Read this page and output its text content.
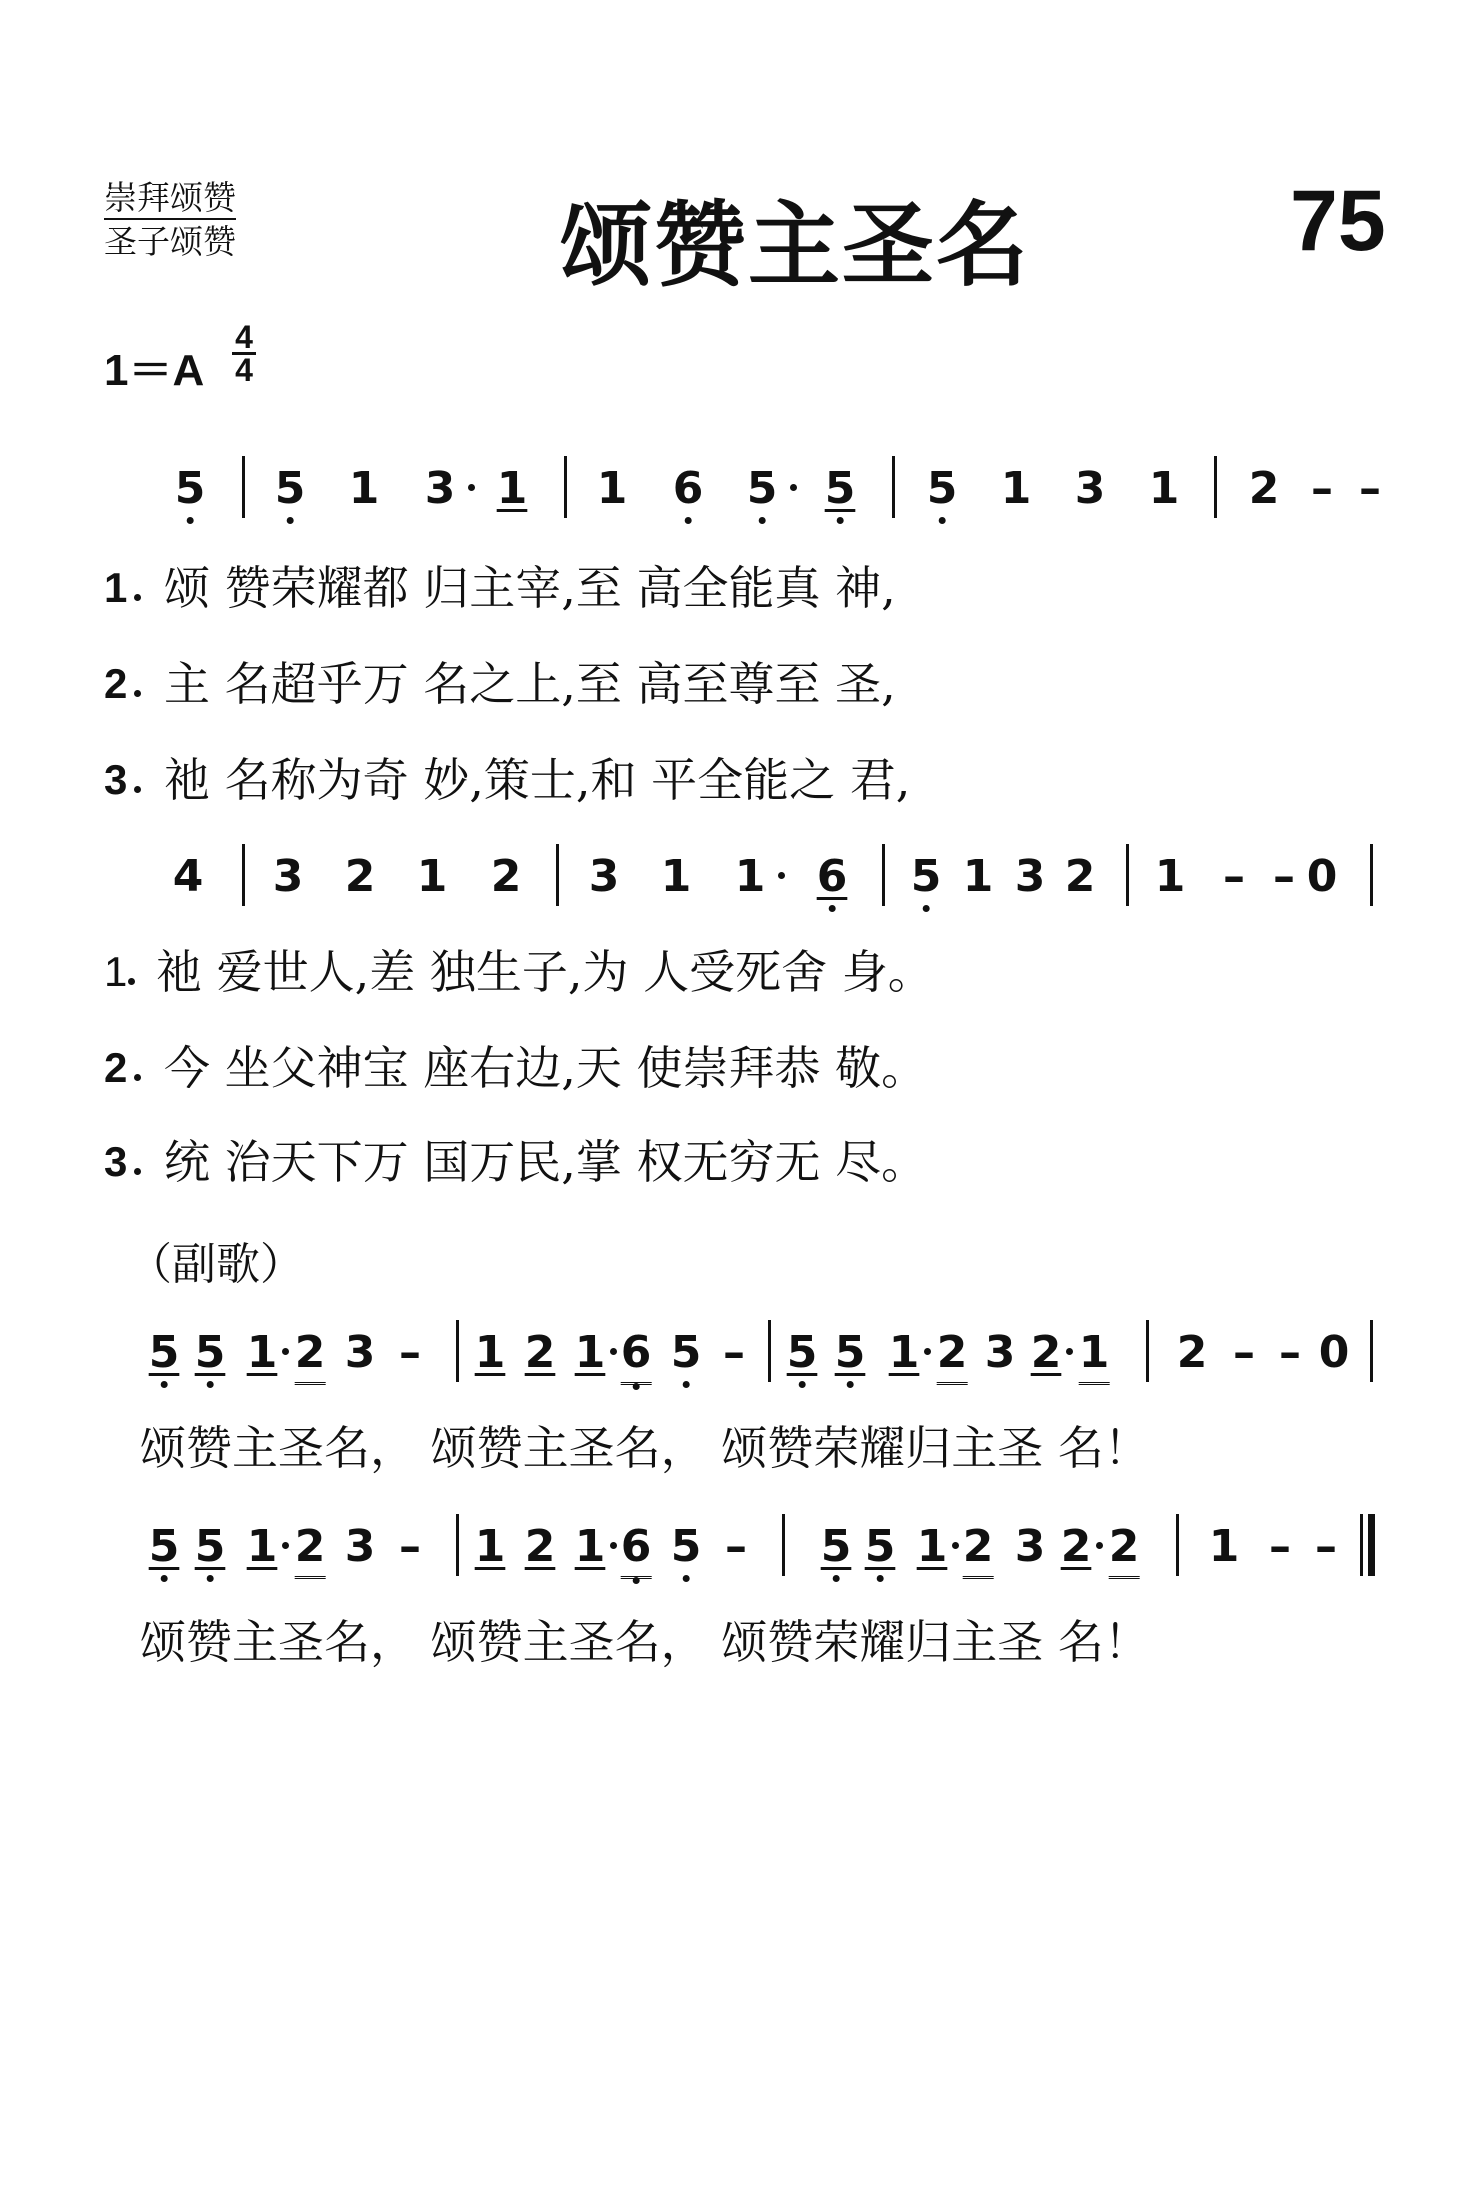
崇拜颂赞
圣子颂赞	颂赞主圣名	75
1＝A
4
4
5 5 1 3 1 1 6 5 5 5 1 3 1 2 – –
1 颂 赞荣耀都 归主宰,至 高全能真 神,
2 主 名超乎万 名之上,至 高至尊至 圣,
3 祂 名称为奇 妙,策士,和 平全能之 君,
4 3 2 1 2 3 1 1 6 5 1 3 2 1 – – 0
1 祂 爱世人,差 独生子,为 人受死舍 身。
2 今 坐父神宝 座右边,天 使崇拜恭 敬。
3 统 治天下万 国万民,掌 权无穷无 尽。
（副歌）
5 5 1 2 3 – 1 2 1 6 5 – 5 5 1 2 3 2 1 2 – – 0
颂赞主圣名， 颂赞主圣名， 颂赞荣耀归主圣 名！
5 5 1 2 3 – 1 2 1 6 5 – 5 5 1 2 3 2 2 1 – –
颂赞主圣名， 颂赞主圣名， 颂赞荣耀归主圣 名！
